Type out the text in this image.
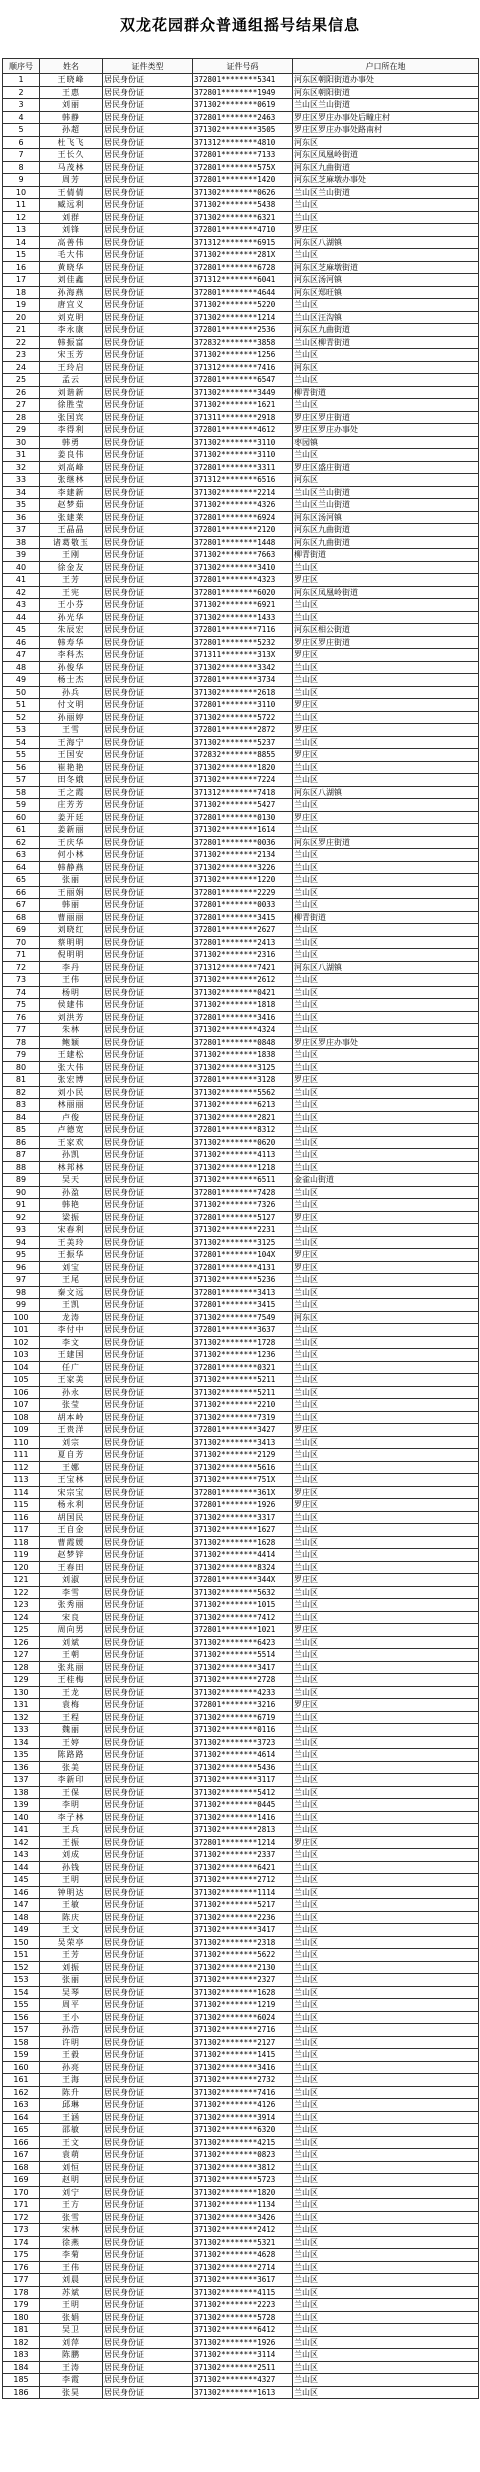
双龙花园群众普通组摇号结果信息
顺序号	姓名	证件类型	证件号码	户口所在地
1	王晓峰	居民身份证	372801********5341	河东区朝阳街道办事处
2	王惠	居民身份证	372801********1949	河东区朝阳街道
3	刘丽	居民身份证	371302********0619	兰山区兰山街道
4	韩静	居民身份证	372801********2463	罗庄区罗庄办事处后疃庄村
5	孙超	居民身份证	371302********3505	罗庄区罗庄办事处路南村
6	杜飞飞	居民身份证	371312********4810	河东区
7	王长久	居民身份证	372801********7133	河东区凤凰岭街道
8	马茂林	居民身份证	372801********575X	河东区九曲街道
9	周芳	居民身份证	372801********1420	河东区芝麻墩办事处
10	王倩倩	居民身份证	371302********0626	兰山区兰山街道
11	臧远利	居民身份证	371302********5438	兰山区
12	刘群	居民身份证	371302********6321	兰山区
13	刘锋	居民身份证	372801********4710	罗庄区
14	高善伟	居民身份证	371312********6915	河东区八湖镇
15	毛大伟	居民身份证	371302********281X	兰山区
16	黄晓华	居民身份证	372801********6728	河东区芝麻墩街道
17	刘佳鑫	居民身份证	371312********6041	河东区汤河镇
18	孙海燕	居民身份证	372801********4644	河东区郑旺镇
19	唐宜义	居民身份证	371302********5220	兰山区
20	刘克明	居民身份证	371302********1214	兰山区汪沟镇
21	李永康	居民身份证	372801********2536	河东区九曲街道
22	韩振富	居民身份证	372832********3858	兰山区柳青街道
23	宋玉芳	居民身份证	371302********1256	兰山区
24	王玲启	居民身份证	371312********7416	河东区
25	孟云	居民身份证	372801********6547	兰山区
26	刘谐新	居民身份证	371302********3449	柳青街道
27	徐胜莹	居民身份证	371302********1621	兰山区
28	张国宾	居民身份证	371311********2918	罗庄区罗庄街道
29	李得利	居民身份证	372801********4612	罗庄区罗庄办事处
30	韩勇	居民身份证	371302********3110	枣园镇
31	姜良伟	居民身份证	371302********3110	兰山区
32	刘高峰	居民身份证	372801********3311	罗庄区盛庄街道
33	张继林	居民身份证	371312********6516	河东区
34	李建新	居民身份证	371302********2214	兰山区兰山街道
35	赵梦茹	居民身份证	371302********4326	兰山区兰山街道
36	张建莱	居民身份证	372801********6924	河东区汤河镇
37	王晶晶	居民身份证	372801********2120	河东区九曲街道
38	诸葛敬玉	居民身份证	372801********1448	河东区九曲街道
39	王刚	居民身份证	371302********7663	柳青街道
40	徐金友	居民身份证	371302********3410	兰山区
41	王芳	居民身份证	372801********4323	罗庄区
42	王宪	居民身份证	372801********6020	河东区凤凰岭街道
43	王小芬	居民身份证	371302********6921	兰山区
44	孙光华	居民身份证	371302********1433	兰山区
45	朱辰宏	居民身份证	372801********7116	河东区相公街道
46	韩寿华	居民身份证	372801********5232	罗庄区罗庄街道
47	李科杰	居民身份证	371311********313X	罗庄区
48	孙俊华	居民身份证	371302********3342	兰山区
49	杨士杰	居民身份证	372801********3734	兰山区
50	孙兵	居民身份证	371302********2618	兰山区
51	付文明	居民身份证	372801********3110	罗庄区
52	孙丽婷	居民身份证	371302********5722	兰山区
53	王雪	居民身份证	372801********2872	罗庄区
54	王海宁	居民身份证	371302********5237	兰山区
55	王国安	居民身份证	372832********8855	罗庄区
56	崔艳艳	居民身份证	371302********1820	兰山区
57	田冬娥	居民身份证	371302********7224	兰山区
58	王之霞	居民身份证	371312********7418	河东区八湖镇
59	庄芳芳	居民身份证	371302********5427	兰山区
60	姜开廷	居民身份证	372801********0130	罗庄区
61	姜新丽	居民身份证	371302********1614	兰山区
62	王庆华	居民身份证	372801********0036	河东区罗庄街道
63	何小林	居民身份证	371302********2134	兰山区
64	韩静燕	居民身份证	371302********3226	兰山区
65	张丽	居民身份证	371302********1220	兰山区
66	王丽娟	居民身份证	372801********2229	兰山区
67	韩丽	居民身份证	372801********0033	兰山区
68	曹丽丽	居民身份证	372801********3415	柳青街道
69	刘晓红	居民身份证	372801********2627	兰山区
70	蔡明明	居民身份证	372801********2413	兰山区
71	倪明明	居民身份证	371302********2316	兰山区
72	李丹	居民身份证	371312********7421	河东区八湖镇
73	王伟	居民身份证	371302********2612	兰山区
74	杨明	居民身份证	371302********0421	兰山区
75	侯建伟	居民身份证	371302********1818	兰山区
76	刘洪芳	居民身份证	372801********3416	兰山区
77	朱林	居民身份证	371302********4324	兰山区
78	鲍颖	居民身份证	372801********0848	罗庄区罗庄办事处
79	王建松	居民身份证	371302********1838	兰山区
80	张大伟	居民身份证	371302********3125	兰山区
81	张宏博	居民身份证	372801********3128	罗庄区
82	刘小民	居民身份证	371302********5562	兰山区
83	林丽丽	居民身份证	371302********6213	兰山区
84	卢俊	居民身份证	371302********2821	兰山区
85	卢德宽	居民身份证	372801********8312	兰山区
86	王家欢	居民身份证	371302********0620	兰山区
87	孙凯	居民身份证	371302********4113	兰山区
88	林邦林	居民身份证	371302********1218	兰山区
89	吴天	居民身份证	371302********6511	金雀山街道
90	孙盈	居民身份证	372801********7428	兰山区
91	韩艳	居民身份证	371302********7326	兰山区
92	梁振	居民身份证	372801********5127	罗庄区
93	宋春利	居民身份证	371302********2231	兰山区
94	王美玲	居民身份证	371302********3125	兰山区
95	王振华	居民身份证	372801********104X	罗庄区
96	刘宝	居民身份证	372801********4131	罗庄区
97	王尾	居民身份证	371302********5236	兰山区
98	秦文远	居民身份证	372801********3413	兰山区
99	王凯	居民身份证	372801********3415	兰山区
100	龙涛	居民身份证	371302********7549	河东区
101	李付中	居民身份证	372801********3637	兰山区
102	李文	居民身份证	371302********1728	兰山区
103	王建国	居民身份证	371302********1236	兰山区
104	任广	居民身份证	372801********0321	兰山区
105	王家美	居民身份证	371302********5211	兰山区
106	孙永	居民身份证	371302********5211	兰山区
107	张莹	居民身份证	371302********2210	兰山区
108	胡本岭	居民身份证	371302********7319	兰山区
109	王贵洋	居民身份证	372801********3427	罗庄区
110	刘宗	居民身份证	371302********3413	兰山区
111	夏自芳	居民身份证	371302********2129	兰山区
112	王娜	居民身份证	371302********5616	兰山区
113	王宝林	居民身份证	371302********751X	兰山区
114	宋宗宝	居民身份证	372801********361X	罗庄区
115	杨永利	居民身份证	372801********1926	罗庄区
116	胡国民	居民身份证	371302********3317	兰山区
117	王自金	居民身份证	371302********1627	兰山区
118	曹霞媛	居民身份证	371302********1628	兰山区
119	赵梦锌	居民身份证	371302********4414	兰山区
120	王春田	居民身份证	371302********8324	兰山区
121	刘淑	居民身份证	372801********344X	罗庄区
122	李雪	居民身份证	371302********5632	兰山区
123	张秀丽	居民身份证	371302********1015	兰山区
124	宋良	居民身份证	371302********7412	兰山区
125	周向男	居民身份证	372801********1021	罗庄区
126	刘斌	居民身份证	371302********6423	兰山区
127	王朝	居民身份证	371302********5514	兰山区
128	张兆丽	居民身份证	371302********3417	兰山区
129	王桂梅	居民身份证	371302********2728	兰山区
130	王龙	居民身份证	371302********4233	兰山区
131	袁梅	居民身份证	372801********3216	罗庄区
132	王程	居民身份证	371302********6719	兰山区
133	魏丽	居民身份证	371302********0116	兰山区
134	王婷	居民身份证	371302********3723	兰山区
135	陈路路	居民身份证	371302********4614	兰山区
136	张美	居民身份证	371302********5436	兰山区
137	李新印	居民身份证	371302********3117	兰山区
138	王保	居民身份证	371302********5412	兰山区
139	李明	居民身份证	371302********0445	兰山区
140	李子林	居民身份证	371302********1416	兰山区
141	王兵	居民身份证	371302********2813	兰山区
142	王振	居民身份证	372801********1214	罗庄区
143	刘成	居民身份证	371302********2337	兰山区
144	孙钱	居民身份证	371302********6421	兰山区
145	王明	居民身份证	371302********2712	兰山区
146	钟明达	居民身份证	371302********1114	兰山区
147	王敏	居民身份证	371302********5217	兰山区
148	陈庆	居民身份证	371302********2236	兰山区
149	王文	居民身份证	371302********3417	兰山区
150	吴荣亭	居民身份证	371302********2318	兰山区
151	王芳	居民身份证	371302********5622	兰山区
152	刘振	居民身份证	371302********2130	兰山区
153	张丽	居民身份证	371302********2327	兰山区
154	吴琴	居民身份证	371302********1628	兰山区
155	周平	居民身份证	371302********1219	兰山区
156	王小	居民身份证	371302********6024	兰山区
157	孙浩	居民身份证	371302********2716	兰山区
158	许明	居民身份证	371302********2127	兰山区
159	王毅	居民身份证	371302********1415	兰山区
160	孙亮	居民身份证	371302********3416	兰山区
161	王海	居民身份证	371302********2732	兰山区
162	陈升	居民身份证	371302********7416	兰山区
163	邱琳	居民身份证	371302********4126	兰山区
164	王涵	居民身份证	371302********3914	兰山区
165	邵敏	居民身份证	371302********6320	兰山区
166	王文	居民身份证	371302********4215	兰山区
167	袁萌	居民身份证	371302********0823	兰山区
168	刘恒	居民身份证	371302********3812	兰山区
169	赵明	居民身份证	371302********5723	兰山区
170	刘宁	居民身份证	371302********1820	兰山区
171	王方	居民身份证	371302********1134	兰山区
172	张雪	居民身份证	371302********3426	兰山区
173	宋林	居民身份证	371302********2412	兰山区
174	徐燕	居民身份证	371302********5321	兰山区
175	李菊	居民身份证	371302********4628	兰山区
176	王伟	居民身份证	371302********2714	兰山区
177	刘晨	居民身份证	371302********3617	兰山区
178	苏斌	居民身份证	371302********4115	兰山区
179	王明	居民身份证	371302********2223	兰山区
180	张娟	居民身份证	371302********5728	兰山区
181	吴卫	居民身份证	371302********6412	兰山区
182	刘萍	居民身份证	371302********1926	兰山区
183	陈鹏	居民身份证	371302********3114	兰山区
184	王涛	居民身份证	371302********2511	兰山区
185	李霞	居民身份证	371302********4327	兰山区
186	张昊	居民身份证	371302********1613	兰山区
